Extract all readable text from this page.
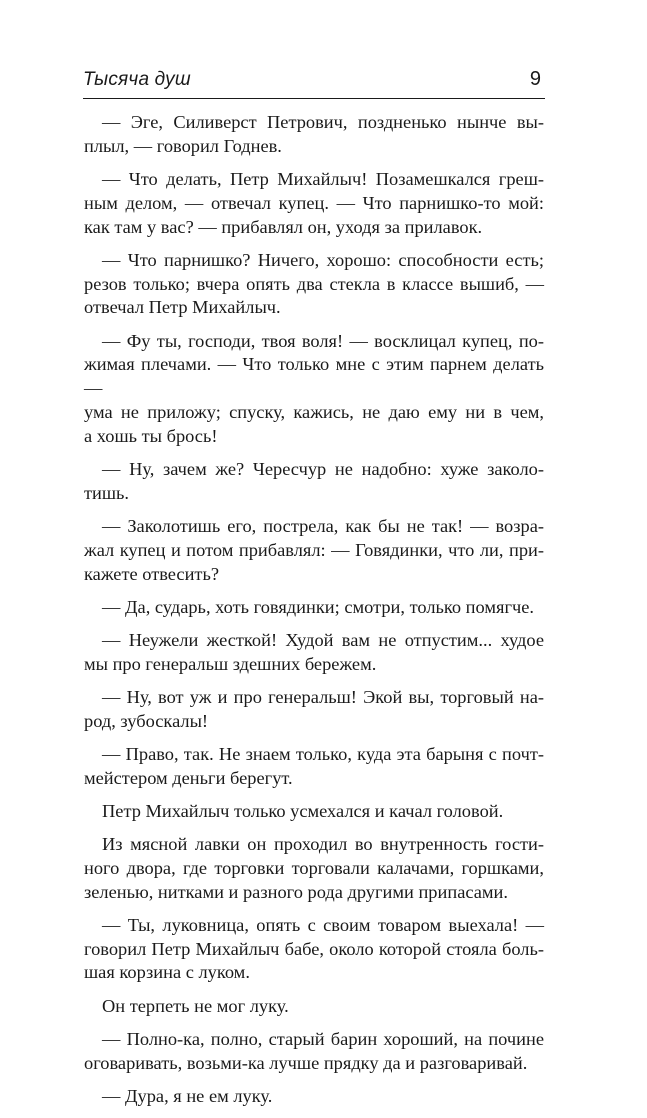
Тысяча душ	9

— Эге, Силиверст Петрович, поздненько нынче вы-
плыл, — говорил Годнев.

— Что делать, Петр Михайлыч! Позамешкался греш-
ным делом, — отвечал купец. — Что парнишко-то мой:
как там у вас? — прибавлял он, уходя за прилавок.

— Что парнишко? Ничего, хорошо: способности есть;
резов только; вчера опять два стекла в классе вышиб, —
отвечал Петр Михайлыч.

— Фу ты, господи, твоя воля! — восклицал купец, по-
жимая плечами. — Что только мне с этим парнем делать —
ума не приложу; спуску, кажись, не даю ему ни в чем,
а хошь ты брось!

— Ну, зачем же? Чересчур не надобно: хуже заколо-
тишь.

— Заколотишь его, пострела, как бы не так! — возра-
жал купец и потом прибавлял: — Говядинки, что ли, при-
кажете отвесить?

— Да, сударь, хоть говядинки; смотри, только помягче.

— Неужели жесткой! Худой вам не отпустим... худое
мы про генеральш здешних бережем.

— Ну, вот уж и про генеральш! Экой вы, торговый на-
род, зубоскалы!

— Право, так. Не знаем только, куда эта барыня с почт-
мейстером деньги берегут.

Петр Михайлыч только усмехался и качал головой.

Из мясной лавки он проходил во внутренность гости-
ного двора, где торговки торговали калачами, горшками,
зеленью, нитками и разного рода другими припасами.

— Ты, луковница, опять с своим товаром выехала! —
говорил Петр Михайлыч бабе, около которой стояла боль-
шая корзина с луком.

Он терпеть не мог луку.

— Полно-ка, полно, старый барин хороший, на почине
оговаривать, возьми-ка лучше прядку да и разговаривай.

— Дура, я не ем луку.
